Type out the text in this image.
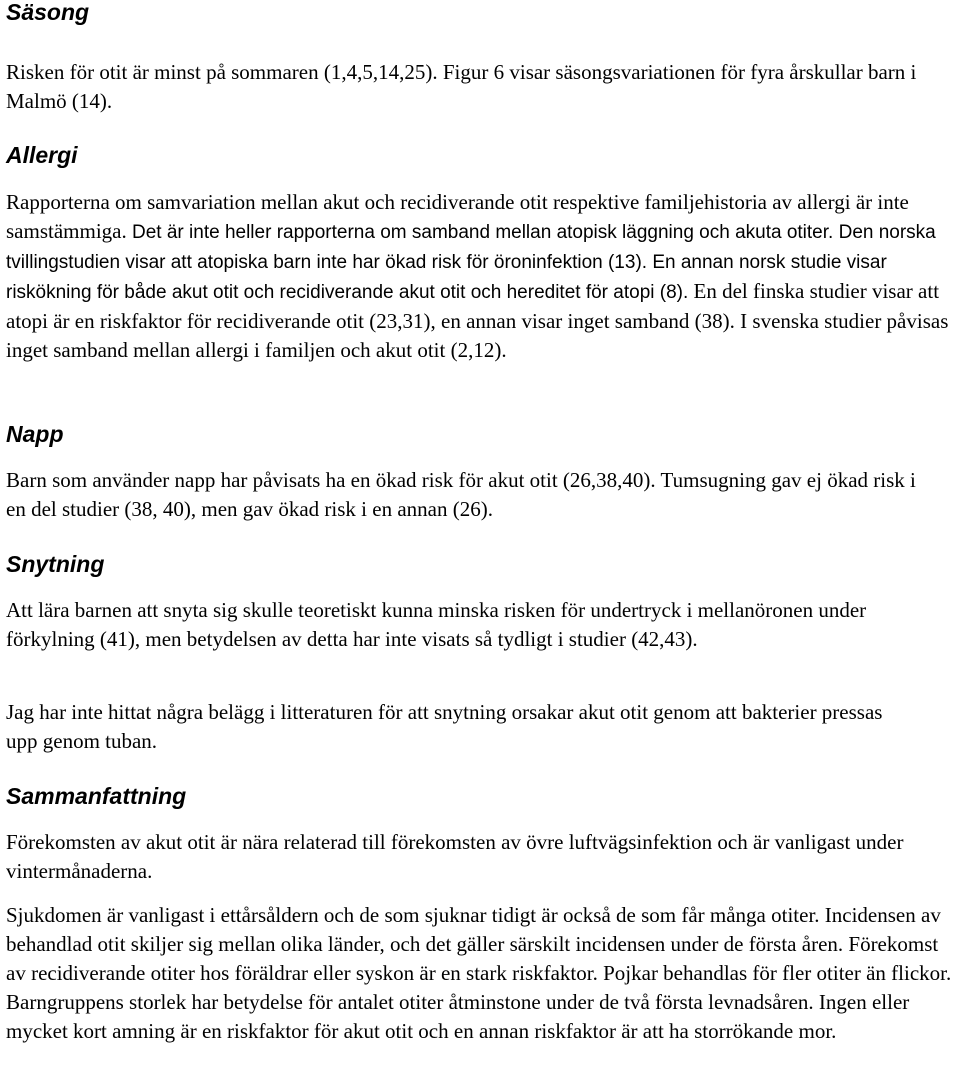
Säsong

Risken för otit är minst på sommaren (1,4,5,14,25). Figur 6 visar säsongsvariationen för fyra årskullar barn i Malmö (14).

Allergi

Rapporterna om samvariation mellan akut och recidiverande otit respektive familjehistoria av allergi är inte samstämmiga. Det är inte heller rapporterna om samband mellan atopisk läggning och akuta otiter. Den norska tvillingstudien visar att atopiska barn inte har ökad risk för öroninfektion (13). En annan norsk studie visar riskökning för både akut otit och recidiverande akut otit och hereditet för atopi (8). En del finska studier visar att atopi är en riskfaktor för recidiverande otit (23,31), en annan visar inget samband (38). I svenska studier påvisas inget samband mellan allergi i familjen och akut otit (2,12).

Napp

Barn som använder napp har påvisats ha en ökad risk för akut otit (26,38,40). Tumsugning gav ej ökad risk i en del studier (38, 40), men gav ökad risk i en annan (26).

Snytning

Att lära barnen att snyta sig skulle teoretiskt kunna minska risken för undertryck i mellanöronen under förkylning (41), men betydelsen av detta har inte visats så tydligt i studier (42,43).

Jag har inte hittat några belägg i litteraturen för att snytning orsakar akut otit genom att bakterier pressas upp genom tuban.

Sammanfattning

Förekomsten av akut otit är nära relaterad till förekomsten av övre luftvägsinfektion och är vanligast under vintermånaderna.

Sjukdomen är vanligast i ettårsåldern och de som sjuknar tidigt är också de som får många otiter. Incidensen av behandlad otit skiljer sig mellan olika länder, och det gäller särskilt incidensen under de första åren. Förekomst av recidiverande otiter hos föräldrar eller syskon är en stark riskfaktor. Pojkar behandlas för fler otiter än flickor. Barngruppens storlek har betydelse för antalet otiter åtminstone under de två första levnadsåren. Ingen eller mycket kort amning är en riskfaktor för akut otit och en annan riskfaktor är att ha storrökande mor.
